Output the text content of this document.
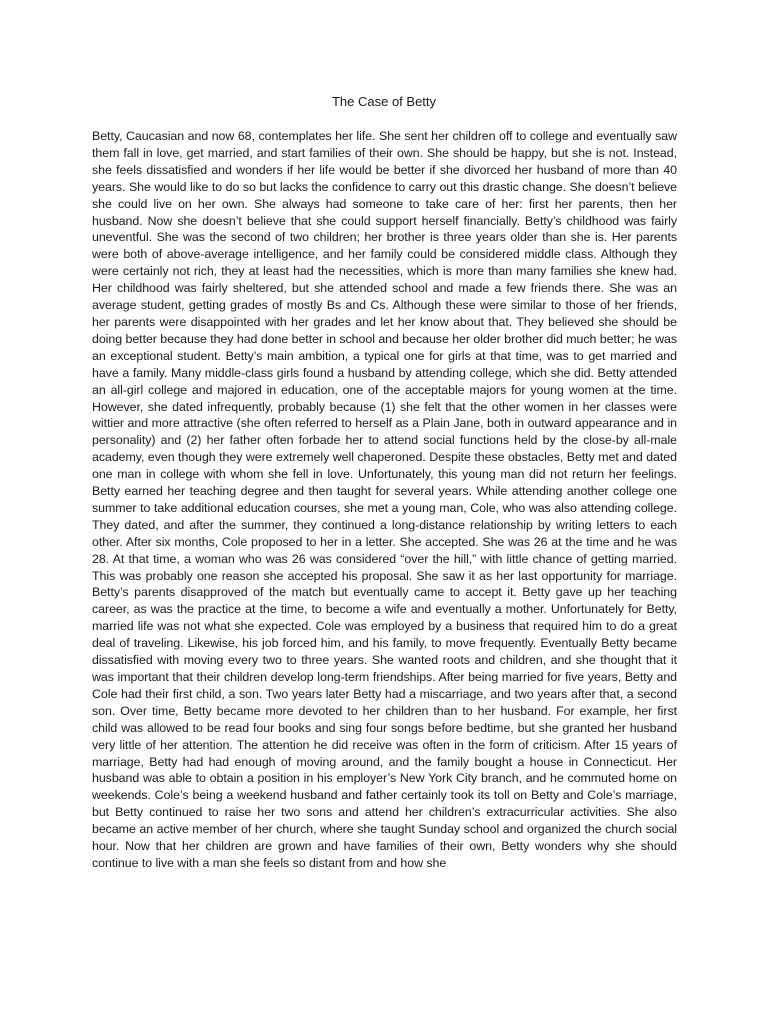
The Case of Betty

Betty, Caucasian and now 68, contemplates her life. She sent her children off to college and eventually saw them fall in love, get married, and start families of their own. She should be happy, but she is not. Instead, she feels dissatisfied and wonders if her life would be better if she divorced her husband of more than 40 years. She would like to do so but lacks the confidence to carry out this drastic change. She doesn’t believe she could live on her own. She always had someone to take care of her: first her parents, then her husband. Now she doesn’t believe that she could support herself financially. Betty’s childhood was fairly uneventful. She was the second of two children; her brother is three years older than she is. Her parents were both of above-average intelligence, and her family could be considered middle class. Although they were certainly not rich, they at least had the necessities, which is more than many families she knew had. Her childhood was fairly sheltered, but she attended school and made a few friends there. She was an average student, getting grades of mostly Bs and Cs. Although these were similar to those of her friends, her parents were disappointed with her grades and let her know about that. They believed she should be doing better because they had done better in school and because her older brother did much better; he was an exceptional student. Betty’s main ambition, a typical one for girls at that time, was to get married and have a family. Many middle-class girls found a husband by attending college, which she did. Betty attended an all-girl college and majored in education, one of the acceptable majors for young women at the time. However, she dated infrequently, probably because (1) she felt that the other women in her classes were wittier and more attractive (she often referred to herself as a Plain Jane, both in outward appearance and in personality) and (2) her father often forbade her to attend social functions held by the close-by all-male academy, even though they were extremely well chaperoned. Despite these obstacles, Betty met and dated one man in college with whom she fell in love. Unfortunately, this young man did not return her feelings. Betty earned her teaching degree and then taught for several years. While attending another college one summer to take additional education courses, she met a young man, Cole, who was also attending college. They dated, and after the summer, they continued a long-distance relationship by writing letters to each other. After six months, Cole proposed to her in a letter. She accepted. She was 26 at the time and he was 28. At that time, a woman who was 26 was considered “over the hill,” with little chance of getting married. This was probably one reason she accepted his proposal. She saw it as her last opportunity for marriage. Betty’s parents disapproved of the match but eventually came to accept it. Betty gave up her teaching career, as was the practice at the time, to become a wife and eventually a mother. Unfortunately for Betty, married life was not what she expected. Cole was employed by a business that required him to do a great deal of traveling. Likewise, his job forced him, and his family, to move frequently. Eventually Betty became dissatisfied with moving every two to three years. She wanted roots and children, and she thought that it was important that their children develop long-term friendships. After being married for five years, Betty and Cole had their first child, a son. Two years later Betty had a miscarriage, and two years after that, a second son. Over time, Betty became more devoted to her children than to her husband. For example, her first child was allowed to be read four books and sing four songs before bedtime, but she granted her husband very little of her attention. The attention he did receive was often in the form of criticism. After 15 years of marriage, Betty had had enough of moving around, and the family bought a house in Connecticut. Her husband was able to obtain a position in his employer’s New York City branch, and he commuted home on weekends. Cole’s being a weekend husband and father certainly took its toll on Betty and Cole’s marriage, but Betty continued to raise her two sons and attend her children’s extracurricular activities. She also became an active member of her church, where she taught Sunday school and organized the church social hour. Now that her children are grown and have families of their own, Betty wonders why she should continue to live with a man she feels so distant from and how she
